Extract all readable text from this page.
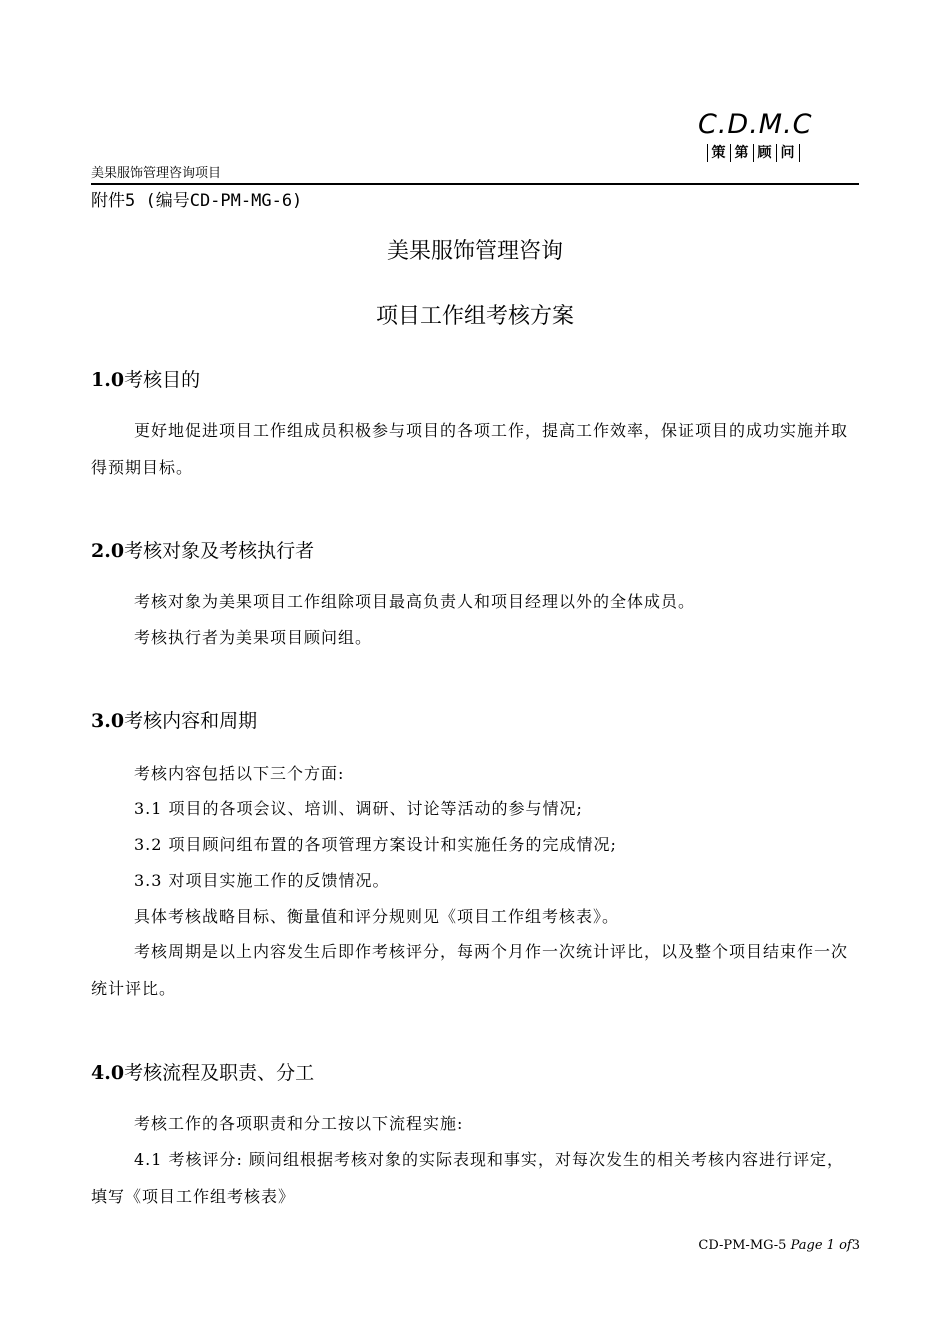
C.D.M.C
策 第 顾 问
美果服饰管理咨询项目
附件5 (编号CD-PM-MG-6)
美果服饰管理咨询
项目工作组考核方案
1.0考核目的
更好地促进项目工作组成员积极参与项目的各项工作，提高工作效率，保证项目的成功实施并取得预期目标。
2.0考核对象及考核执行者
考核对象为美果项目工作组除项目最高负责人和项目经理以外的全体成员。
考核执行者为美果项目顾问组。
3.0考核内容和周期
考核内容包括以下三个方面:
3.1 项目的各项会议、培训、调研、讨论等活动的参与情况;
3.2 项目顾问组布置的各项管理方案设计和实施任务的完成情况;
3.3 对项目实施工作的反馈情况。
具体考核战略目标、衡量值和评分规则见《项目工作组考核表》。
考核周期是以上内容发生后即作考核评分，每两个月作一次统计评比，以及整个项目结束作一次统计评比。
4.0考核流程及职责、分工
考核工作的各项职责和分工按以下流程实施:
4.1 考核评分: 顾问组根据考核对象的实际表现和事实，对每次发生的相关考核内容进行评定，填写《项目工作组考核表》
CD-PM-MG-5 Page 1 of3
